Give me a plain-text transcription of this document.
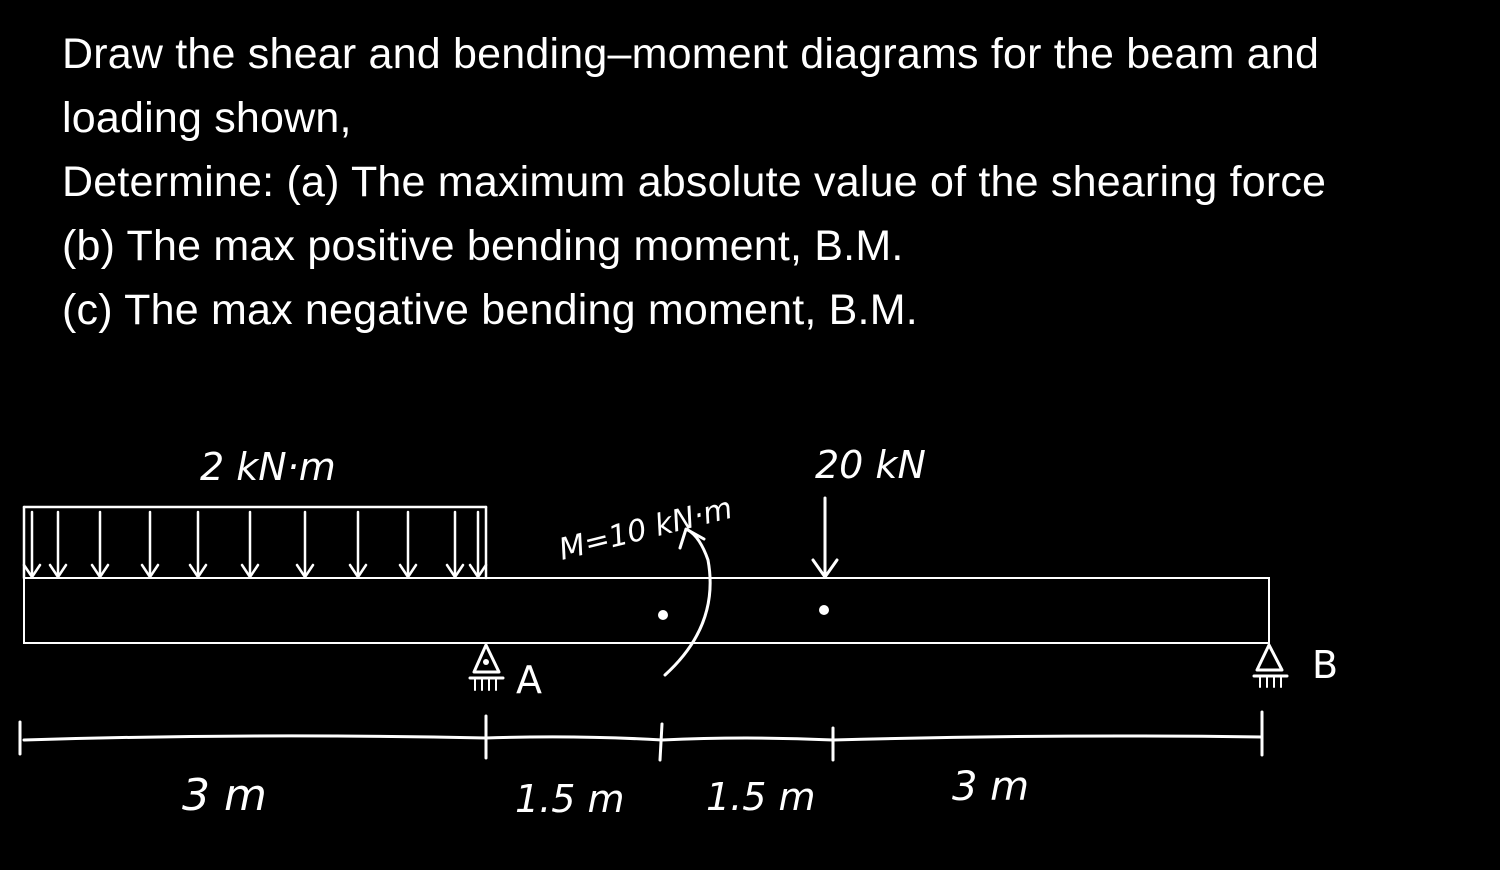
Draw the shear and bending–moment diagrams for the beam and

loading shown,

Determine: (a) The maximum absolute value of the shearing force

(b) The max positive bending moment, B.M.

(c) The max negative bending moment, B.M.

2 kN·m
M=10 kN·m
20 kN
A	B
3 m	1.5 m 1.5 m	3 m
